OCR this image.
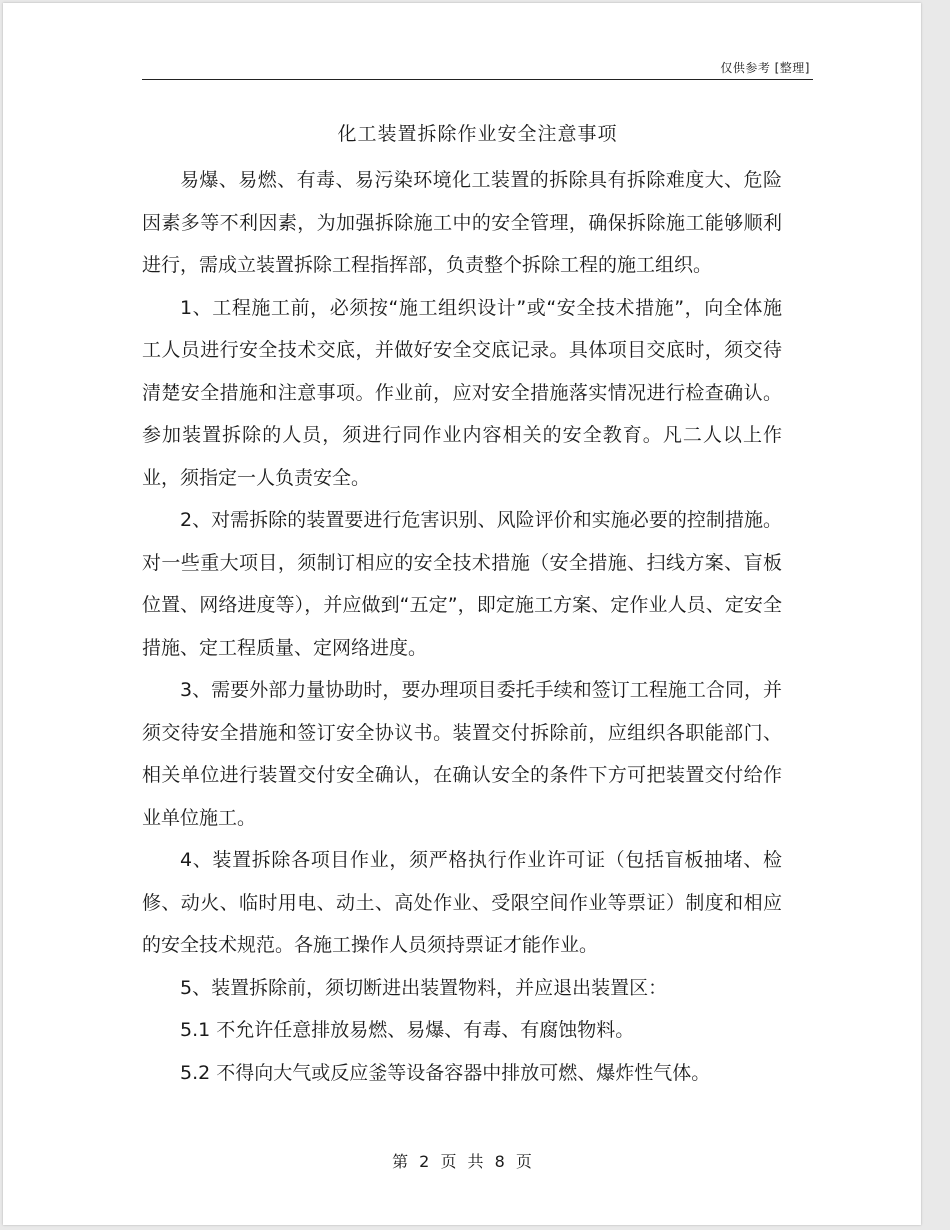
仅供参考 [整理]
化工装置拆除作业安全注意事项

易爆、易燃、有毒、易污染环境化工装置的拆除具有拆除难度大、危险因素多等不利因素，为加强拆除施工中的安全管理，确保拆除施工能够顺利进行，需成立装置拆除工程指挥部，负责整个拆除工程的施工组织。

1、工程施工前，必须按“施工组织设计”或“安全技术措施”，向全体施工人员进行安全技术交底，并做好安全交底记录。具体项目交底时，须交待清楚安全措施和注意事项。作业前，应对安全措施落实情况进行检查确认。参加装置拆除的人员，须进行同作业内容相关的安全教育。凡二人以上作业，须指定一人负责安全。

2、对需拆除的装置要进行危害识别、风险评价和实施必要的控制措施。对一些重大项目，须制订相应的安全技术措施（安全措施、扫线方案、盲板位置、网络进度等），并应做到“五定”，即定施工方案、定作业人员、定安全措施、定工程质量、定网络进度。

3、需要外部力量协助时，要办理项目委托手续和签订工程施工合同，并须交待安全措施和签订安全协议书。装置交付拆除前，应组织各职能部门、相关单位进行装置交付安全确认，在确认安全的条件下方可把装置交付给作业单位施工。

4、装置拆除各项目作业，须严格执行作业许可证（包括盲板抽堵、检修、动火、临时用电、动土、高处作业、受限空间作业等票证）制度和相应的安全技术规范。各施工操作人员须持票证才能作业。

5、装置拆除前，须切断进出装置物料，并应退出装置区：

5.1 不允许任意排放易燃、易爆、有毒、有腐蚀物料。

5.2 不得向大气或反应釜等设备容器中排放可燃、爆炸性气体。

第 2 页 共 8 页
